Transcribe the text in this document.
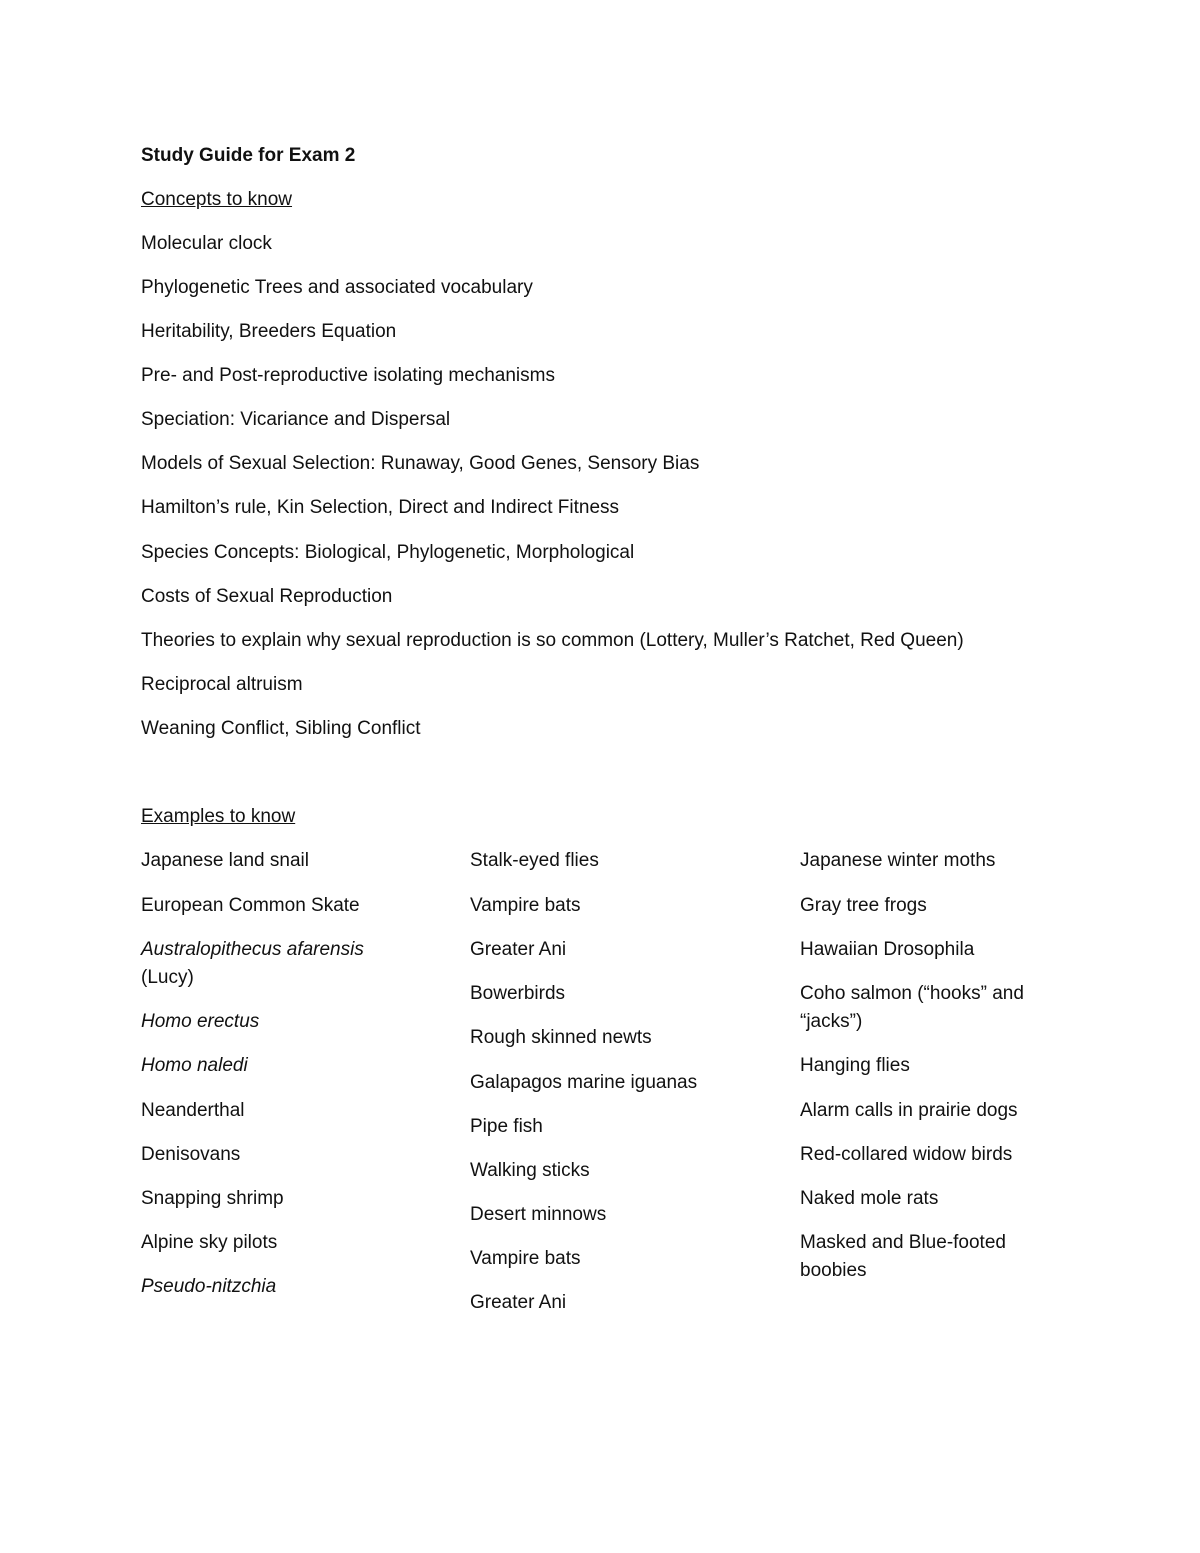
Study Guide for Exam 2
Concepts to know
Molecular clock
Phylogenetic Trees and associated vocabulary
Heritability, Breeders Equation
Pre- and Post-reproductive isolating mechanisms
Speciation: Vicariance and Dispersal
Models of Sexual Selection: Runaway, Good Genes, Sensory Bias
Hamilton’s rule, Kin Selection, Direct and Indirect Fitness
Species Concepts: Biological, Phylogenetic, Morphological
Costs of Sexual Reproduction
Theories to explain why sexual reproduction is so common (Lottery, Muller’s Ratchet, Red Queen)
Reciprocal altruism
Weaning Conflict, Sibling Conflict
Examples to know
Japanese land snail
European Common Skate
Australopithecus afarensis
(Lucy)
Homo erectus
Homo naledi
Neanderthal
Denisovans
Snapping shrimp
Alpine sky pilots
Pseudo-nitzchia
Stalk-eyed flies
Vampire bats
Greater Ani
Bowerbirds
Rough skinned newts
Galapagos marine iguanas
Pipe fish
Walking sticks
Desert minnows
Vampire bats
Greater Ani
Japanese winter moths
Gray tree frogs
Hawaiian Drosophila
Coho salmon (“hooks” and
“jacks”)
Hanging flies
Alarm calls in prairie dogs
Red-collared widow birds
Naked mole rats
Masked and Blue-footed
boobies
